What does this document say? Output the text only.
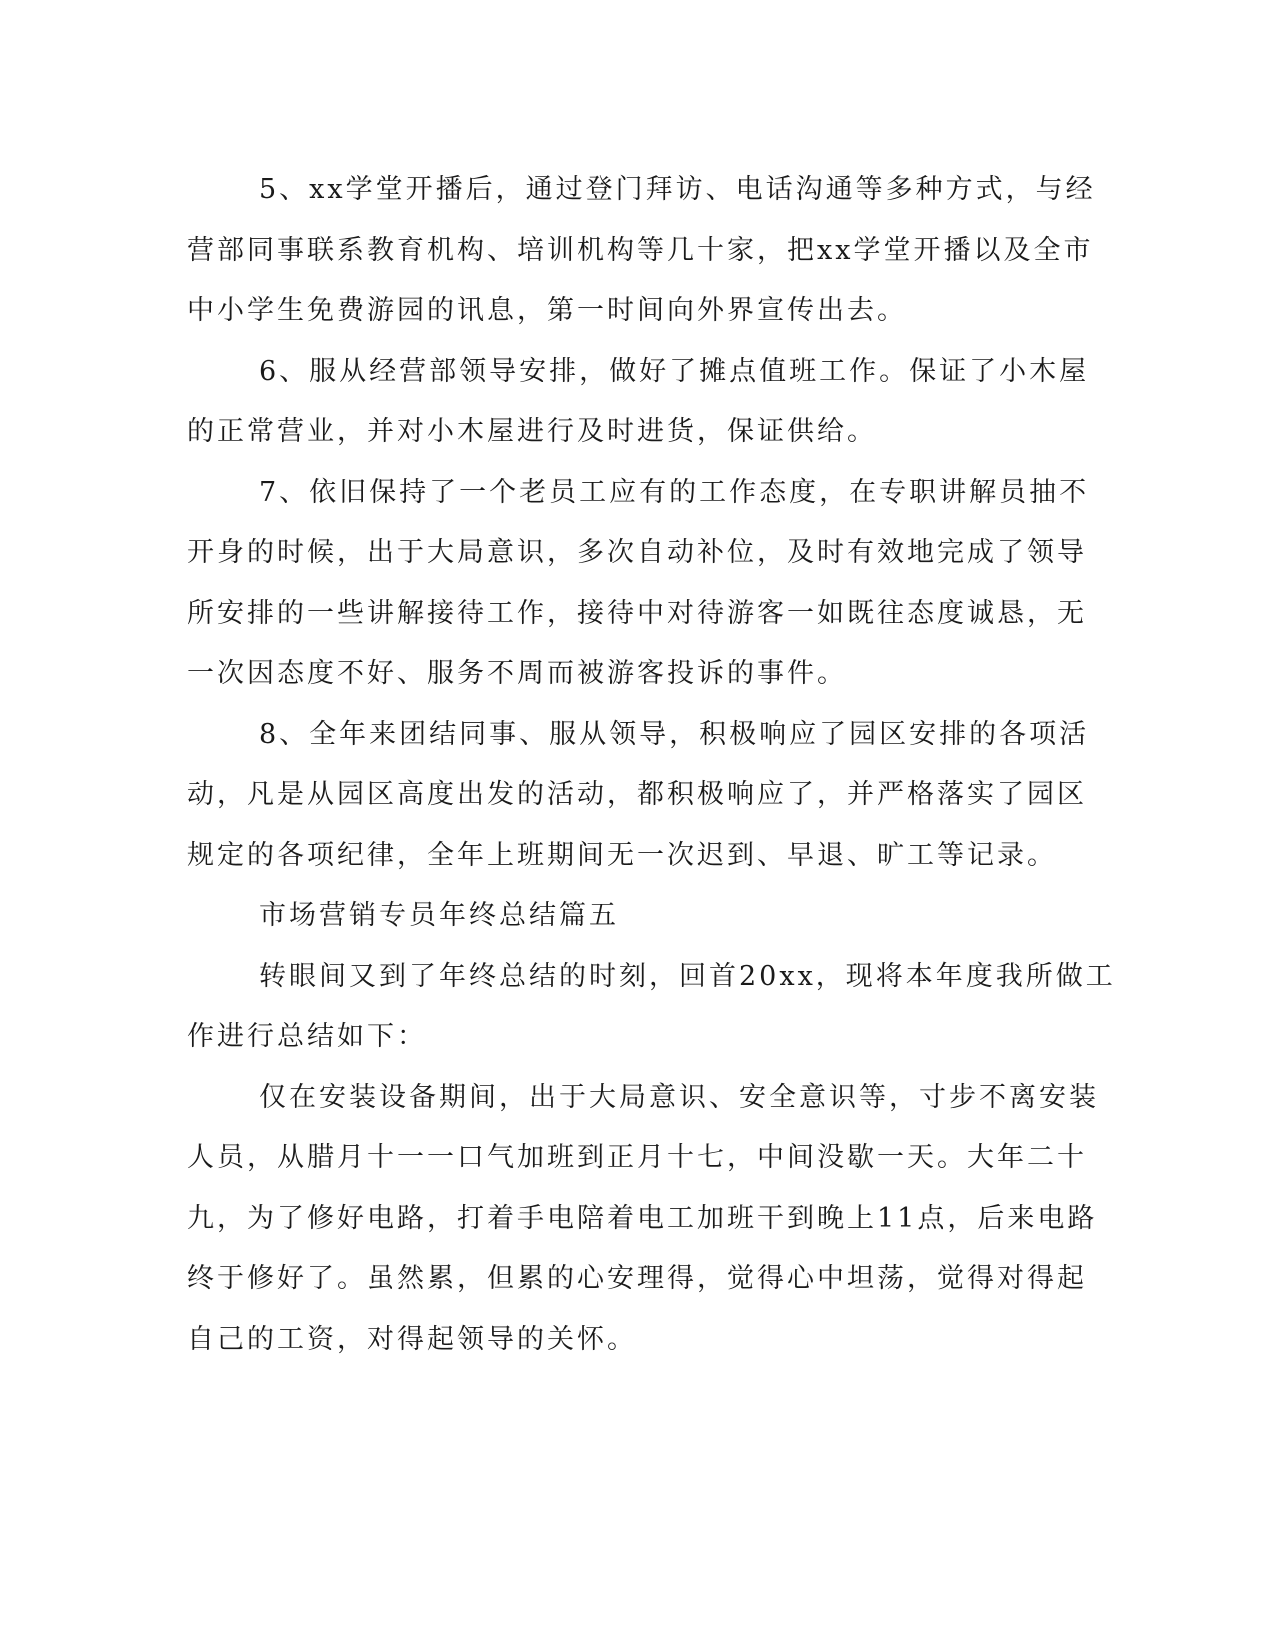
5、xx学堂开播后，通过登门拜访、电话沟通等多种方式，与经
营部同事联系教育机构、培训机构等几十家，把xx学堂开播以及全市
中小学生免费游园的讯息，第一时间向外界宣传出去。
6、服从经营部领导安排，做好了摊点值班工作。保证了小木屋
的正常营业，并对小木屋进行及时进货，保证供给。
7、依旧保持了一个老员工应有的工作态度，在专职讲解员抽不
开身的时候，出于大局意识，多次自动补位，及时有效地完成了领导
所安排的一些讲解接待工作，接待中对待游客一如既往态度诚恳，无
一次因态度不好、服务不周而被游客投诉的事件。
8、全年来团结同事、服从领导，积极响应了园区安排的各项活
动，凡是从园区高度出发的活动，都积极响应了，并严格落实了园区
规定的各项纪律，全年上班期间无一次迟到、早退、旷工等记录。
市场营销专员年终总结篇五
转眼间又到了年终总结的时刻，回首20xx，现将本年度我所做工
作进行总结如下：
仅在安装设备期间，出于大局意识、安全意识等，寸步不离安装
人员，从腊月十一一口气加班到正月十七，中间没歇一天。大年二十
九，为了修好电路，打着手电陪着电工加班干到晚上11点，后来电路
终于修好了。虽然累，但累的心安理得，觉得心中坦荡，觉得对得起
自己的工资，对得起领导的关怀。
